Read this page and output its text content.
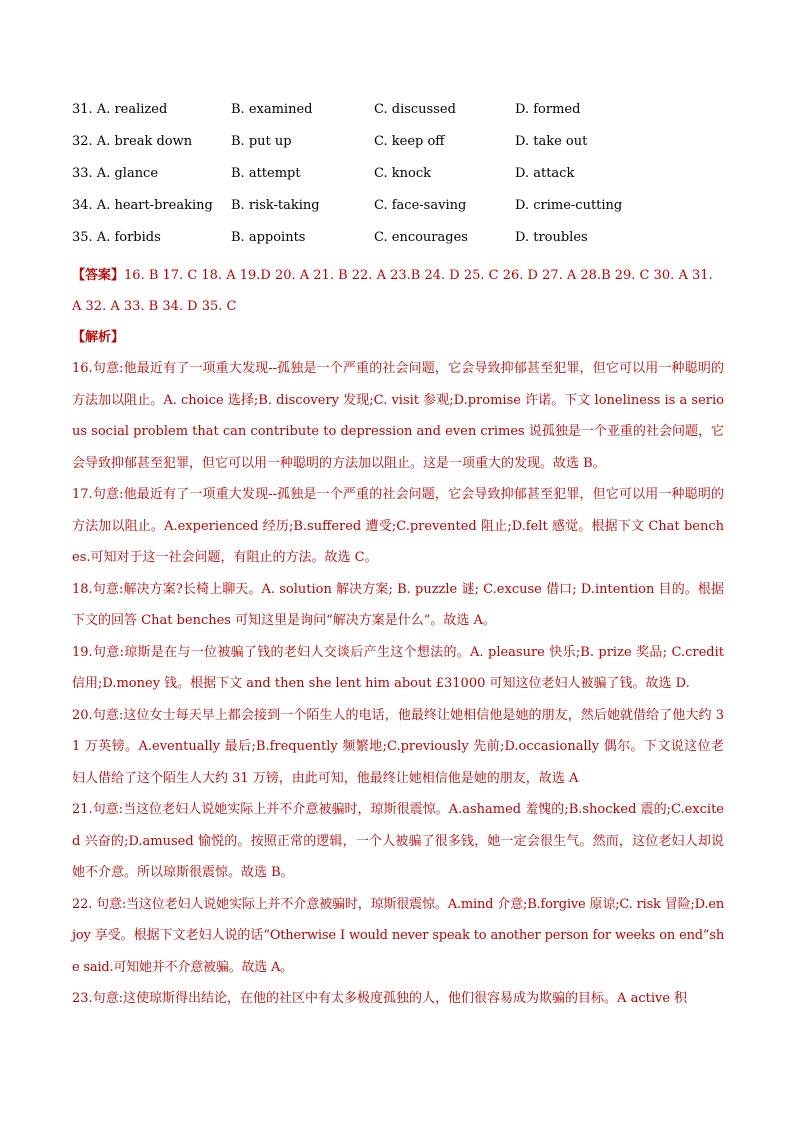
31. A. realized	B. examined	C. discussed	D. formed
32. A. break down	B. put up	C. keep off	D. take out
33. A. glance	B. attempt	C. knock	D. attack
34. A. heart-breaking B. risk-taking	C. face-saving	D. crime-cutting
35. A. forbids	B. appoints	C. encourages	D. troubles
【答案】16. B 17. C 18. A 19.D 20. A 21. B 22. A 23.B 24. D 25. C 26. D 27. A 28.B 29. C 30. A 31. A 32. A 33. B 34. D 35. C
【解析】
16.句意:他最近有了一项重大发现--孤独是一个严重的社会问题，它会导致抑郁甚至犯罪，但它可以用一种聪明的方法加以阻止。A. choice 选择;B. discovery 发现;C. visit 参观;D.promise 许诺。下文 loneliness is a serious social problem that can contribute to depression and even crimes 说孤独是一个亚重的社会问题，它会导致抑郁甚至犯罪，但它可以用一种聪明的方法加以阻止。这是一项重大的发现。故选 B。
17.句意:他最近有了一项重大发现--孤独是一个严重的社会问题，它会导致抑郁甚至犯罪，但它可以用一种聪明的方法加以阻止。A.experienced 经历;B.suffered 遭受;C.prevented 阻止;D.felt 感觉。根据下文 Chat benches.可知对于这一社会问题，有阻止的方法。故选 C。
18.句意:解决方案?长椅上聊天。A. solution 解决方案; B. puzzle 谜; C.excuse 借口; D.intention 目的。根据下文的回答 Chat benches 可知这里是询问“解决方案是什么”。故选 A。
19.句意:琼斯是在与一位被骗了钱的老妇人交谈后产生这个想法的。A. pleasure 快乐;B. prize 奖品; C.credit 信用;D.money 钱。根据下文 and then she lent him about £31000 可知这位老妇人被骗了钱。故选 D.
20.句意:这位女士每天早上都会接到一个陌生人的电话，他最终让她相信他是她的朋友，然后她就借给了他大约 31 万英镑。A.eventually 最后;B.frequently 频繁地;C.previously 先前;D.occasionally 偶尔。下文说这位老妇人借给了这个陌生人大约 31 万镑，由此可知，他最终让她相信他是她的朋友，故选 A
21.句意:当这位老妇人说她实际上并不介意被骗时，琼斯很震惊。A.ashamed 羞愧的;B.shocked 震的;C.excited 兴奋的;D.amused 愉悦的。按照正常的逻辑，一个人被骗了很多钱，她一定会很生气。然而，这位老妇人却说她不介意。所以琼斯很震惊。故选 B。
22. 句意:当这位老妇人说她实际上并不介意被骗时，琼斯很震惊。A.mind 介意;B.forgive 原谅;C. risk 冒险;D.enjoy 享受。根据下文老妇人说的话“Otherwise I would never speak to another person for weeks on end”she said.可知她并不介意被骗。故选 A。
23.句意:这使琼斯得出结论，在他的社区中有太多极度孤独的人，他们很容易成为欺骗的目标。A active 积
